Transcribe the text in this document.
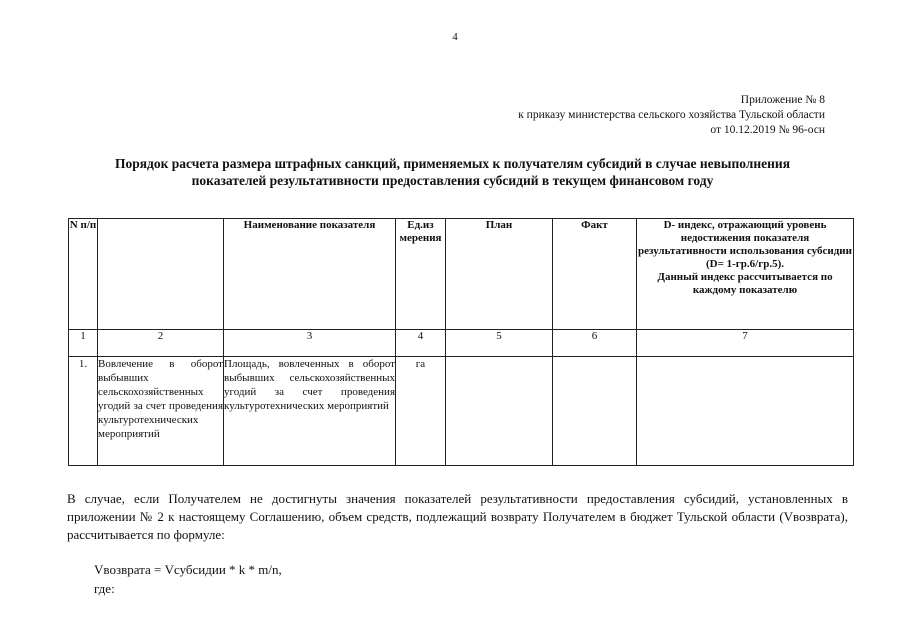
4
Приложение № 8
к приказу министерства сельского хозяйства Тульской области
от 10.12.2019 № 96-осн
Порядок расчета размера штрафных санкций, применяемых к получателям субсидий в случае невыполнения
показателей результативности предоставления субсидий в текущем финансовом году
N п/п		Наименование показателя	Ед.из мерения	План	Факт	D- индекс, отражающий уровень недостижения показателя результативности использования субсидии
(D= 1-гр.6/гр.5).
Данный индекс рассчитывается по каждому показателю

1	2	3	4	5	6	7
1.	Вовлечение в оборот выбывших сельскохозяйственных угодий за счет проведения культуротехнических мероприятий	Площадь, вовлеченных в оборот выбывших сельскохозяйственных угодий за счет проведения культуротехнических мероприятий	га			
В случае, если Получателем не достигнуты значения показателей результативности предоставления субсидий, установленных в приложении № 2 к настоящему Соглашению, объем средств, подлежащий возврату Получателем в бюджет Тульской области (Vвозврата), рассчитывается по формуле:
Vвозврата = Vсубсидии * k * m/n,
где:
